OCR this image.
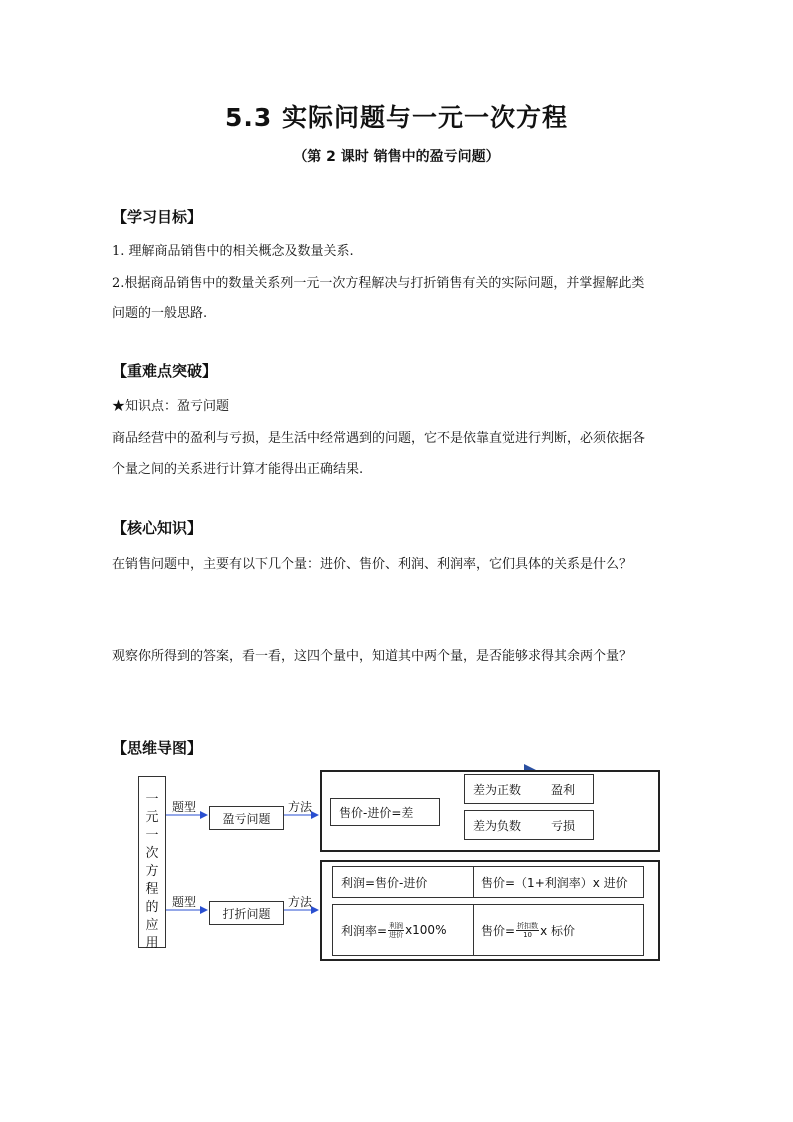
5.3 实际问题与一元一次方程
（第 2 课时 销售中的盈亏问题）
【学习目标】
1. 理解商品销售中的相关概念及数量关系.
2.根据商品销售中的数量关系列一元一次方程解决与打折销售有关的实际问题，并掌握解此类
问题的一般思路.
【重难点突破】
★知识点：盈亏问题
商品经营中的盈利与亏损，是生活中经常遇到的问题，它不是依靠直觉进行判断，必须依据各
个量之间的关系进行计算才能得出正确结果.
【核心知识】
在销售问题中，主要有以下几个量：进价、售价、利润、利润率，它们具体的关系是什么？
观察你所得到的答案，看一看，这四个量中，知道其中两个量，是否能够求得其余两个量？
【思维导图】
一
元
一
次
方
程
的
应
用
题型
题型
盈亏问题
打折问题
方法
方法
售价-进价=差
差为正数 盈利
差为负数 亏损
利润=售价-进价	售价=（1+利润率）x 进价
利润率= $\frac{\text{利润}}{\text{进价}} x100\%$	售价= $\frac{\text{折扣数}}{10}$ x 标价
